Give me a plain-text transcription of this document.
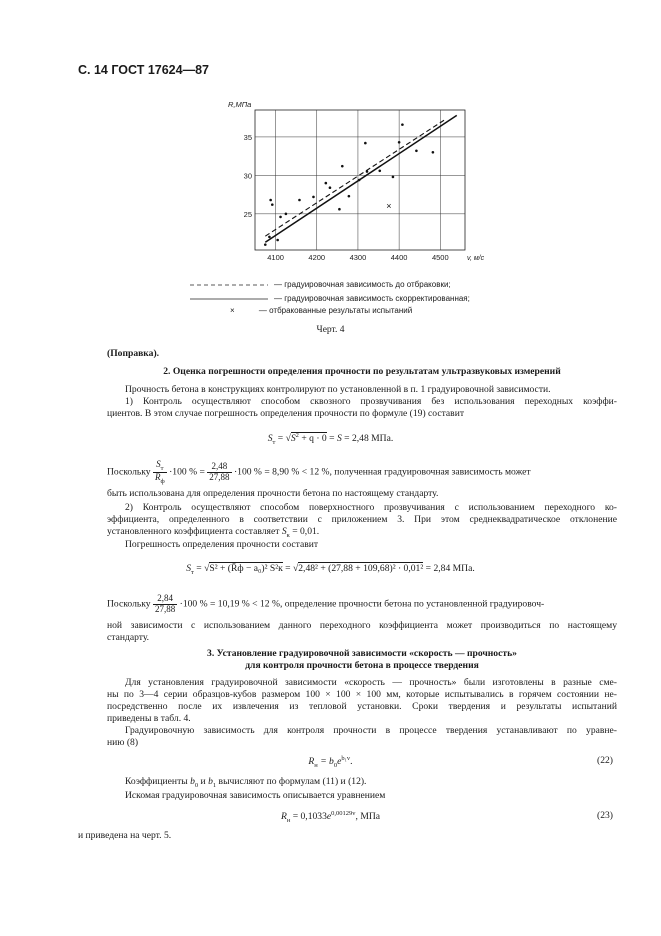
С. 14 ГОСТ 17624—87
4100	4200	4300	4400	4500
25
30
35
R,МПа
v, м/с
×
— градуировочная зависимость до отбраковки;
— градуировочная зависимость скорректированная;
×	— отбракованные результаты испытаний
Черт. 4
(Поправка).
2. Оценка погрешности определения прочности по результатам ультразвуковых измерений
Прочность бетона в конструкциях контролируют по установленной в п. 1 градуировочной зависимости.
1) Контроль осуществляют способом сквозного прозвучивания без использования переходных коэффи-
циентов. В этом случае погрешность определения прочности по формуле (19) составит
$S_т = √S^2 + q \cdot 0 = S = 2,48$ МПа.
Поскольку $\frac{S_т}{R_ф} \cdot 100$ % = $\frac{2,48}{27,88} \cdot 100$ % = 8,90 % < 12 %, полученная градуировочная зависимость может
быть использована для определения прочности бетона по настоящему стандарту.
2) Контроль осуществляют способом поверхностного прозвучивания с использованием переходного ко-
эффициента, определенного в соответствии с приложением 3. При этом среднеквадратическое отклонение
установленного коэффициента составляет $S_к = 0,01$.
Погрешность определения прочности составит
$S_т = √S^2$ + (R̄ф − a₀)² S²к = √2,48² + (27,88 + 109,68)² · 0,01² = 2,84 МПа.
Поскольку $\frac{2,84}{27,88} \cdot 100$ % = 10,19 % < 12 %, определение прочности бетона по установленной градуировоч-
ной зависимости с использованием данного переходного коэффициента может производиться по настоящему
стандарту.
3. Установление градуировочной зависимости «скорость — прочность»
для контроля прочности бетона в процессе твердения
Для установления градуировочной зависимости «скорость — прочность» были изготовлены в разные сме-
ны по 3—4 серии образцов-кубов размером 100 × 100 × 100 мм, которые испытывались в горячем состоянии не-
посредственно после их извлечения из тепловой установки. Сроки твердения и результаты испытаний
приведены в табл. 4.
Градуировочную зависимость для контроля прочности в процессе твердения устанавливают по уравне-
нию (8)
$R_н = b_0e^{b_1v}$.	(22)
Коэффициенты $b_0$ и $b_1$ вычисляют по формулам (11) и (12).
Искомая градуировочная зависимость описывается уравнением
$R_н = 0,1033e^{0,00129v}$, МПа	(23)
и приведена на черт. 5.
